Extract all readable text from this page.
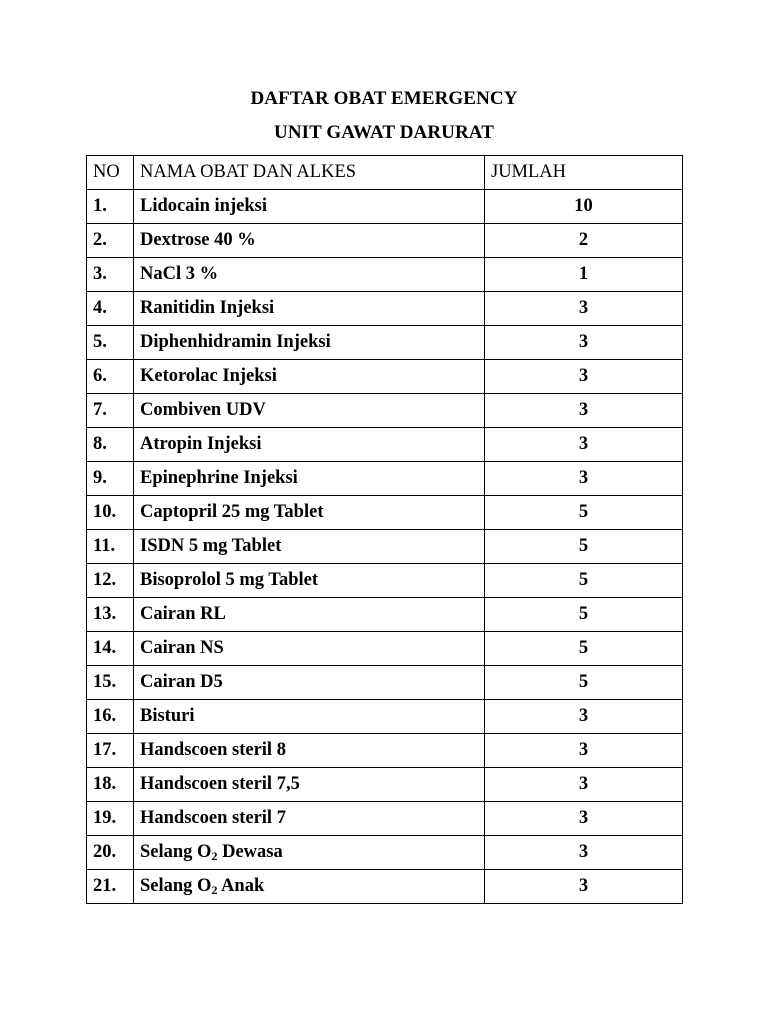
DAFTAR OBAT EMERGENCY
UNIT GAWAT DARURAT
NO	NAMA OBAT DAN ALKES	JUMLAH
1.	Lidocain injeksi	10
2.	Dextrose 40 %	2
3.	NaCl 3 %	1
4.	Ranitidin Injeksi	3
5.	Diphenhidramin Injeksi	3
6.	Ketorolac Injeksi	3
7.	Combiven UDV	3
8.	Atropin Injeksi	3
9.	Epinephrine Injeksi	3
10.	Captopril 25 mg Tablet	5
11.	ISDN 5 mg Tablet	5
12.	Bisoprolol 5 mg Tablet	5
13.	Cairan RL	5
14.	Cairan NS	5
15.	Cairan D5	5
16.	Bisturi	3
17.	Handscoen steril 8	3
18.	Handscoen steril 7,5	3
19.	Handscoen steril 7	3
20.	Selang $O_2$ Dewasa	3
21.	Selang $O_2$ Anak	3
